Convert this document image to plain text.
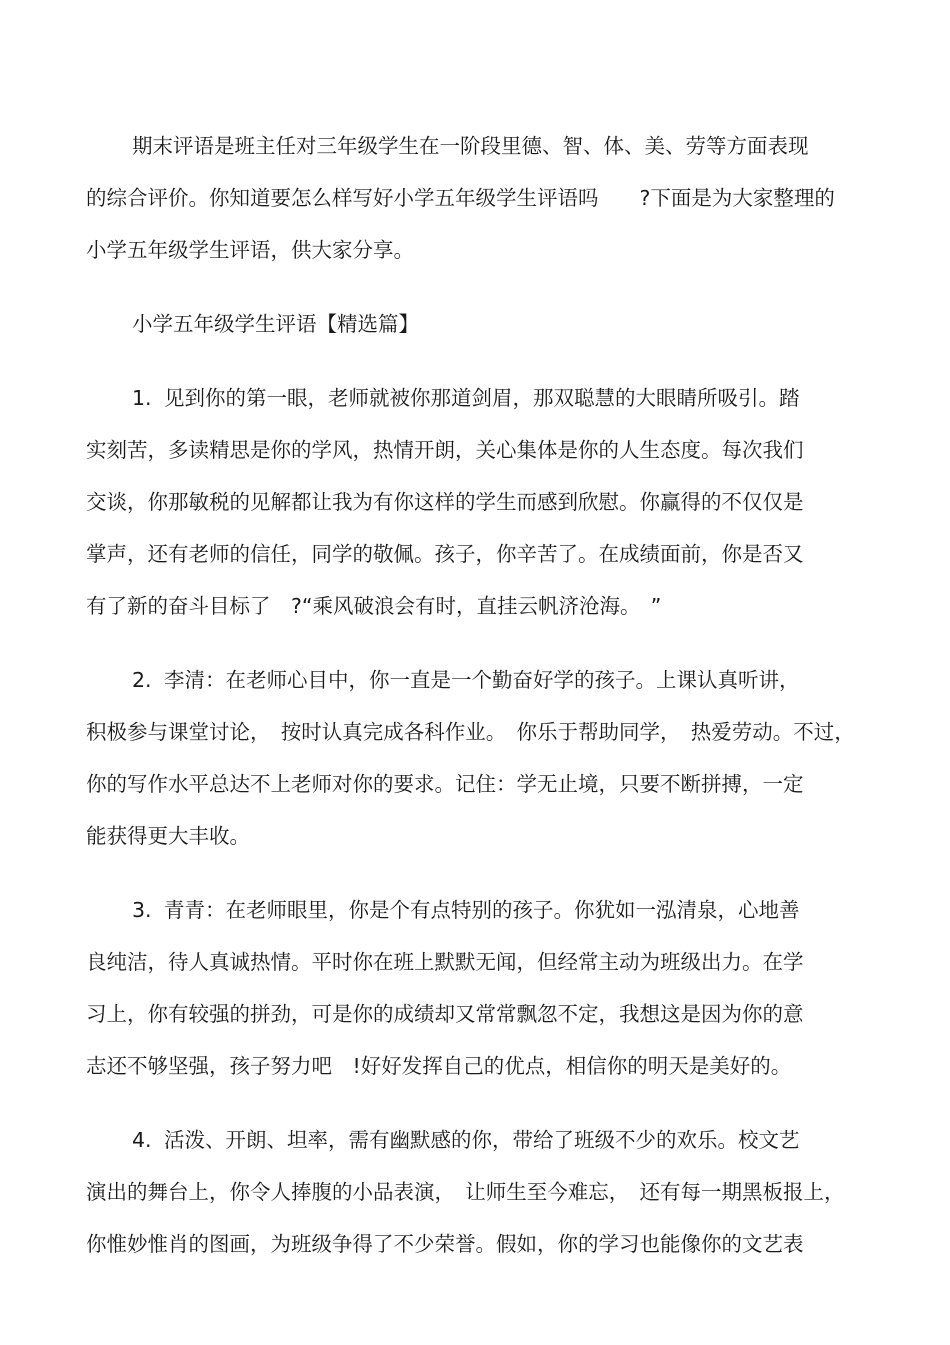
期末评语是班主任对三年级学生在一阶段里德、智、体、美、劳等方面表现
的综合评价。你知道要怎么样写好小学五年级学生评语吗　　?下面是为大家整理的
小学五年级学生评语，供大家分享。
小学五年级学生评语【精选篇】
1. 见到你的第一眼，老师就被你那道剑眉，那双聪慧的大眼睛所吸引。踏
实刻苦，多读精思是你的学风，热情开朗，关心集体是你的人生态度。每次我们
交谈，你那敏税的见解都让我为有你这样的学生而感到欣慰。你赢得的不仅仅是
掌声，还有老师的信任，同学的敬佩。孩子，你辛苦了。在成绩面前，你是否又
有了新的奋斗目标了　?“乘风破浪会有时，直挂云帆济沧海。　”
2. 李清：在老师心目中，你一直是一个勤奋好学的孩子。上课认真听讲，
积极参与课堂讨论，　按时认真完成各科作业。　你乐于帮助同学，　热爱劳动。不过，
你的写作水平总达不上老师对你的要求。记住：学无止境，只要不断拼搏，一定
能获得更大丰收。
3. 青青：在老师眼里，你是个有点特别的孩子。你犹如一泓清泉，心地善
良纯洁，待人真诚热情。平时你在班上默默无闻，但经常主动为班级出力。在学
习上，你有较强的拼劲，可是你的成绩却又常常飘忽不定，我想这是因为你的意
志还不够坚强，孩子努力吧　!好好发挥自己的优点，相信你的明天是美好的。
4. 活泼、开朗、坦率，需有幽默感的你，带给了班级不少的欢乐。校文艺
演出的舞台上，你令人捧腹的小品表演，　让师生至今难忘，　还有每一期黑板报上，
你惟妙惟肖的图画，为班级争得了不少荣誉。假如，你的学习也能像你的文艺表
